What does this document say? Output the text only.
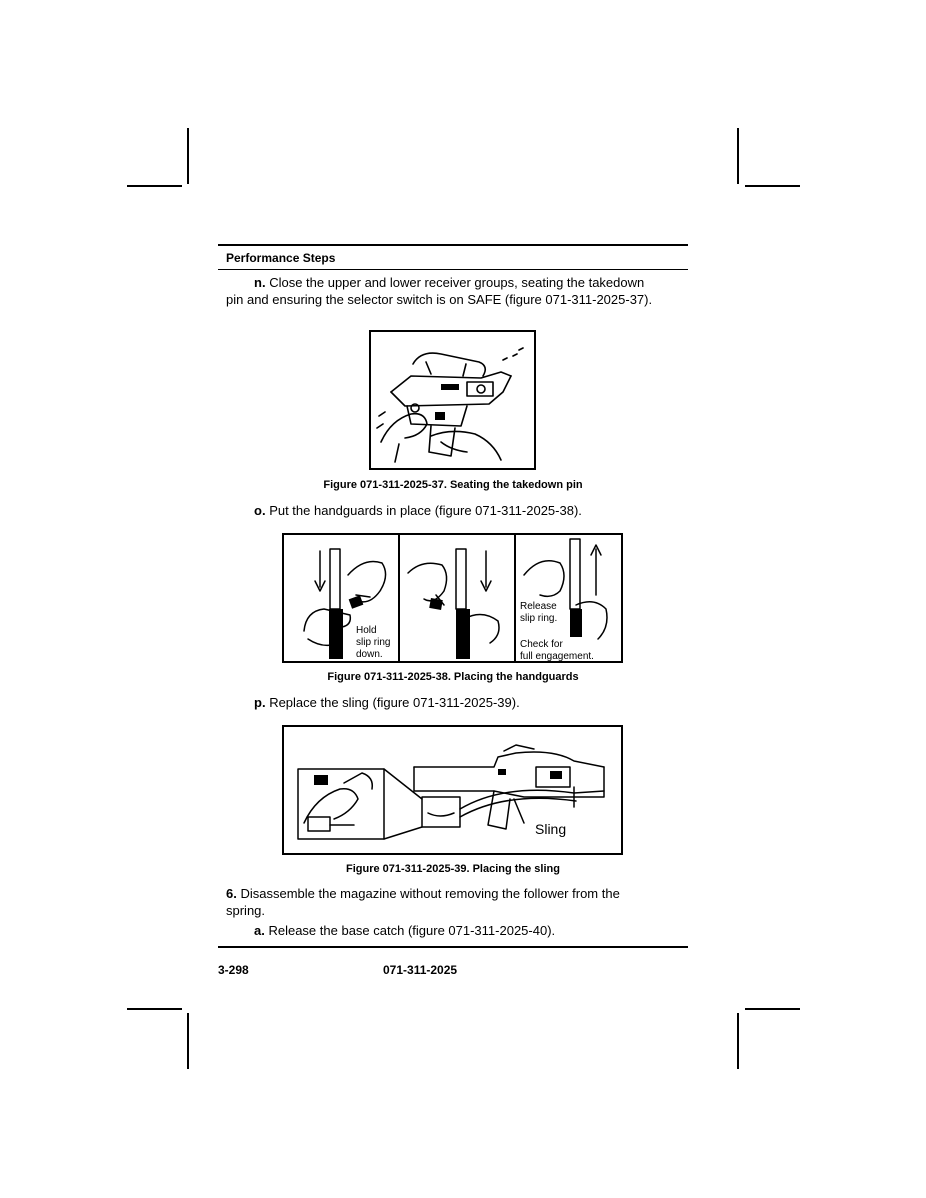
Performance Steps
n. Close the upper and lower receiver groups, seating the takedown
pin and ensuring the selector switch is on SAFE (figure 071-311-2025-37).
Figure 071-311-2025-37. Seating the takedown pin
o. Put the handguards in place (figure 071-311-2025-38).
Hold
slip ring
down.
Release
slip ring.
Check for
full engagement.
Figure 071-311-2025-38. Placing the handguards
p. Replace the sling (figure 071-311-2025-39).
Sling
Figure 071-311-2025-39. Placing the sling
6. Disassemble the magazine without removing the follower from the
spring.
a. Release the base catch (figure 071-311-2025-40).
3-298	071-311-2025
